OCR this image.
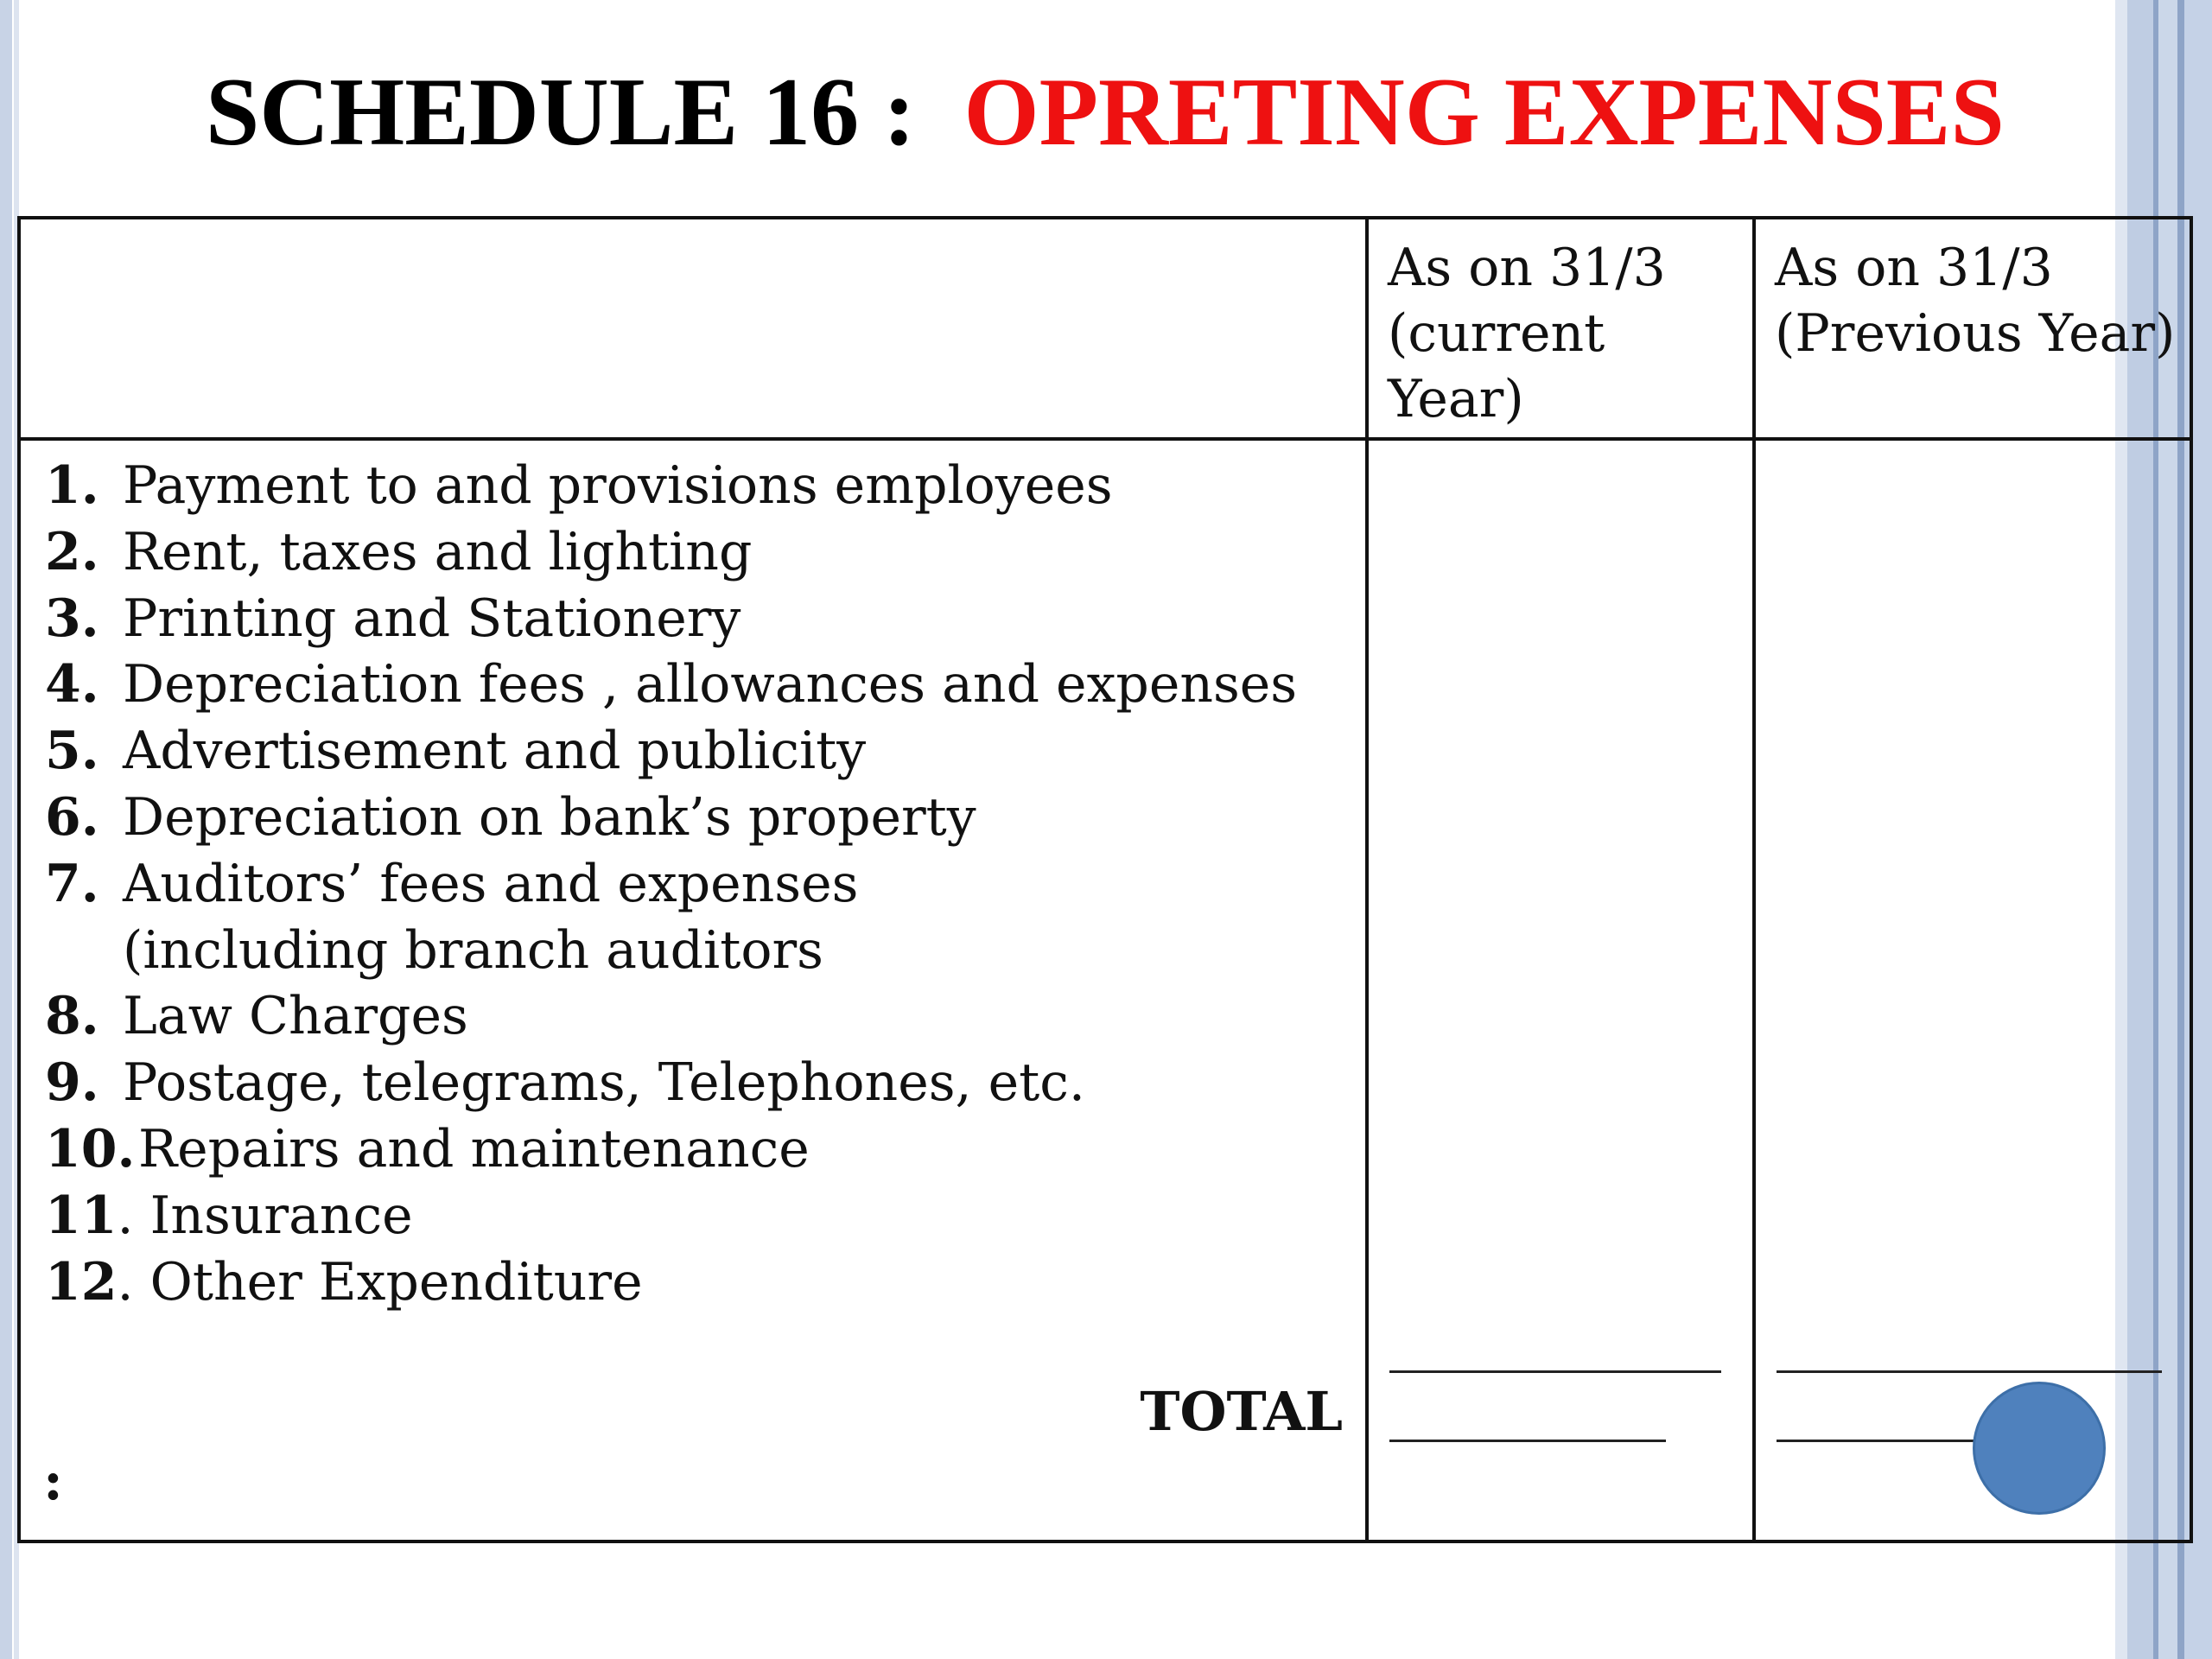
SCHEDULE 16 : OPRETING EXPENSES

As on 31/3
(current
Year)

As on 31/3
(Previous Year)

1. Payment to and provisions employees
2. Rent, taxes and lighting
3. Printing and Stationery
4. Depreciation fees , allowances and expenses
5. Advertisement and publicity
6. Depreciation on bank’s property
7. Auditors’ fees and expenses
(including branch auditors
8. Law Charges
9. Postage, telegrams, Telephones, etc.
10. Repairs and maintenance
11 . Insurance
12 . Other Expenditure

TOTAL

:
